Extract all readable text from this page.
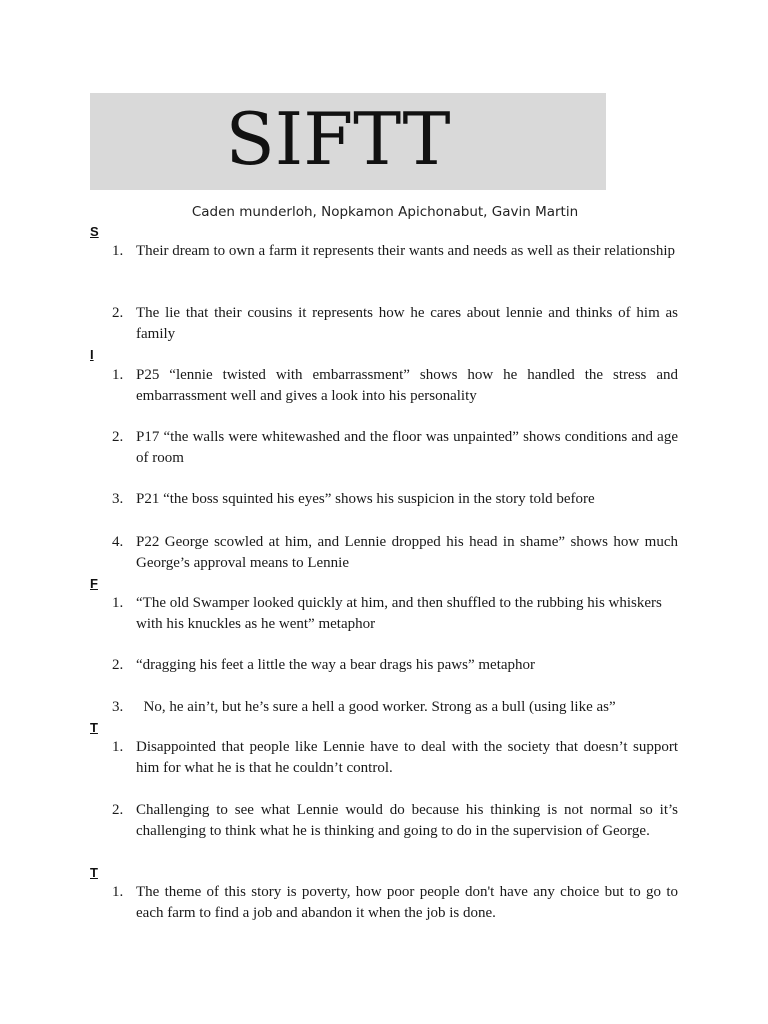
SIFTT
Caden munderloh, Nopkamon Apichonabut, Gavin Martin
S
1. Their dream to own a farm it represents their wants and needs as well as their relationship
2. The lie that their cousins it represents how he cares about lennie and thinks of him as family
I
1. P25 “lennie twisted with embarrassment” shows how he handled the stress and embarrassment well and gives a look into his personality
2. P17 “the walls were whitewashed and the floor was unpainted” shows conditions and age of room
3. P21 “the boss squinted his eyes” shows his suspicion in the story told before
4. P22 George scowled at him, and Lennie dropped his head in shame” shows how much George’s approval means to Lennie
F
1. “The old Swamper looked quickly at him, and then shuffled to the rubbing his whiskers with his knuckles as he went” metaphor
2. “dragging his feet a little the way a bear drags his paws” metaphor
3. No, he ain’t, but he’s sure a hell a good worker. Strong as a bull (using like as”
T
1. Disappointed that people like Lennie have to deal with the society that doesn’t support him for what he is that he couldn’t control.
2. Challenging to see what Lennie would do because his thinking is not normal so it’s challenging to think what he is thinking and going to do in the supervision of George.
T
1. The theme of this story is poverty, how poor people don't have any choice but to go to each farm to find a job and abandon it when the job is done.
